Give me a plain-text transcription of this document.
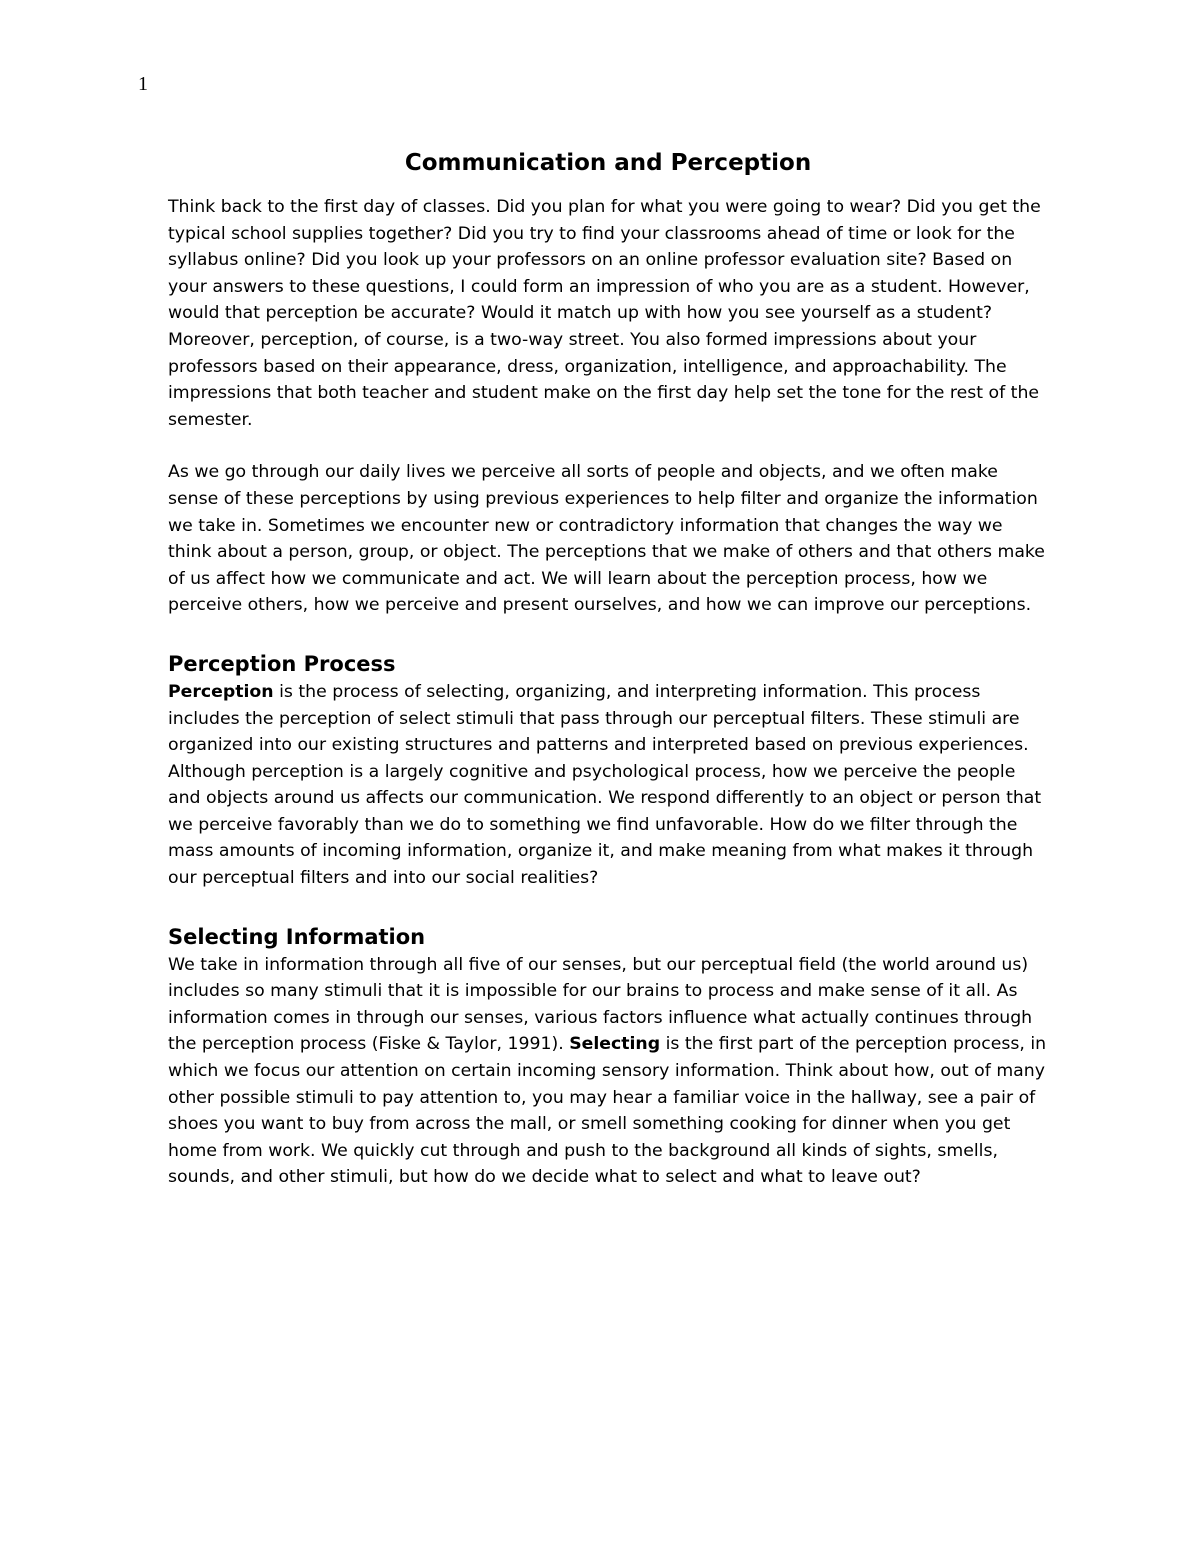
1
Communication and Perception

Think back to the first day of classes. Did you plan for what you were going to wear? Did you get the typical school supplies together? Did you try to find your classrooms ahead of time or look for the syllabus online? Did you look up your professors on an online professor evaluation site? Based on your answers to these questions, I could form an impression of who you are as a student. However, would that perception be accurate? Would it match up with how you see yourself as a student? Moreover, perception, of course, is a two-way street. You also formed impressions about your professors based on their appearance, dress, organization, intelligence, and approachability. The impressions that both teacher and student make on the first day help set the tone for the rest of the semester.

As we go through our daily lives we perceive all sorts of people and objects, and we often make sense of these perceptions by using previous experiences to help filter and organize the information we take in. Sometimes we encounter new or contradictory information that changes the way we think about a person, group, or object. The perceptions that we make of others and that others make of us affect how we communicate and act. We will learn about the perception process, how we perceive others, how we perceive and present ourselves, and how we can improve our perceptions.

Perception Process

Perception is the process of selecting, organizing, and interpreting information. This process includes the perception of select stimuli that pass through our perceptual filters. These stimuli are organized into our existing structures and patterns and interpreted based on previous experiences. Although perception is a largely cognitive and psychological process, how we perceive the people and objects around us affects our communication. We respond differently to an object or person that we perceive favorably than we do to something we find unfavorable. How do we filter through the mass amounts of incoming information, organize it, and make meaning from what makes it through our perceptual filters and into our social realities?

Selecting Information

We take in information through all five of our senses, but our perceptual field (the world around us) includes so many stimuli that it is impossible for our brains to process and make sense of it all. As information comes in through our senses, various factors influence what actually continues through the perception process (Fiske & Taylor, 1991). Selecting is the first part of the perception process, in which we focus our attention on certain incoming sensory information. Think about how, out of many other possible stimuli to pay attention to, you may hear a familiar voice in the hallway, see a pair of shoes you want to buy from across the mall, or smell something cooking for dinner when you get home from work. We quickly cut through and push to the background all kinds of sights, smells, sounds, and other stimuli, but how do we decide what to select and what to leave out?
